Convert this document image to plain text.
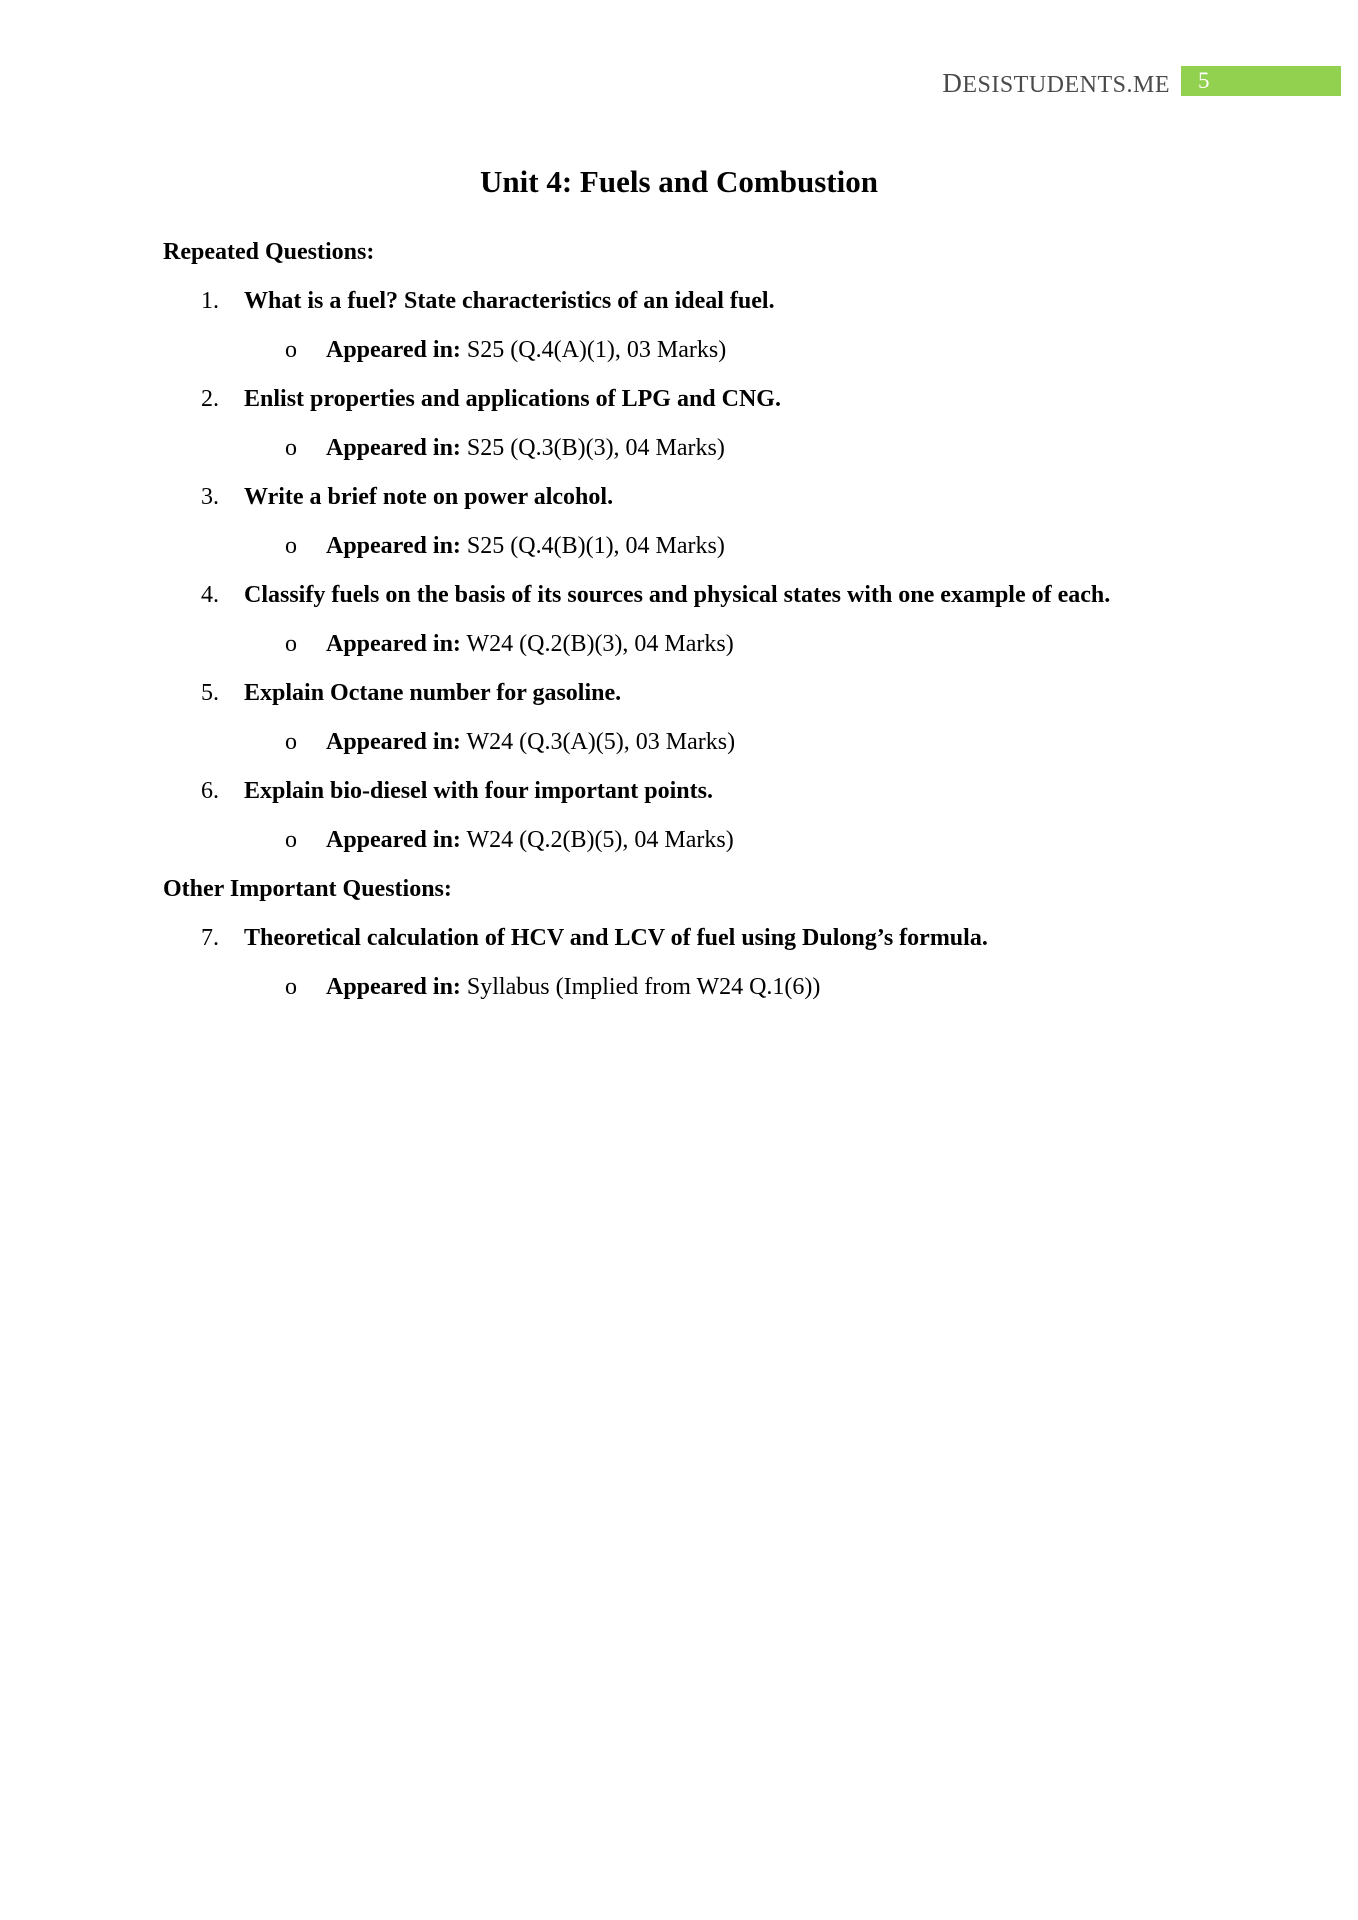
DESISTUDENTS.ME 5
Unit 4: Fuels and Combustion
Repeated Questions:
1. What is a fuel? State characteristics of an ideal fuel.
o Appeared in: S25 (Q.4(A)(1), 03 Marks)
2. Enlist properties and applications of LPG and CNG.
o Appeared in: S25 (Q.3(B)(3), 04 Marks)
3. Write a brief note on power alcohol.
o Appeared in: S25 (Q.4(B)(1), 04 Marks)
4. Classify fuels on the basis of its sources and physical states with one example of each.
o Appeared in: W24 (Q.2(B)(3), 04 Marks)
5. Explain Octane number for gasoline.
o Appeared in: W24 (Q.3(A)(5), 03 Marks)
6. Explain bio-diesel with four important points.
o Appeared in: W24 (Q.2(B)(5), 04 Marks)
Other Important Questions:
7. Theoretical calculation of HCV and LCV of fuel using Dulong’s formula.
o Appeared in: Syllabus (Implied from W24 Q.1(6))
